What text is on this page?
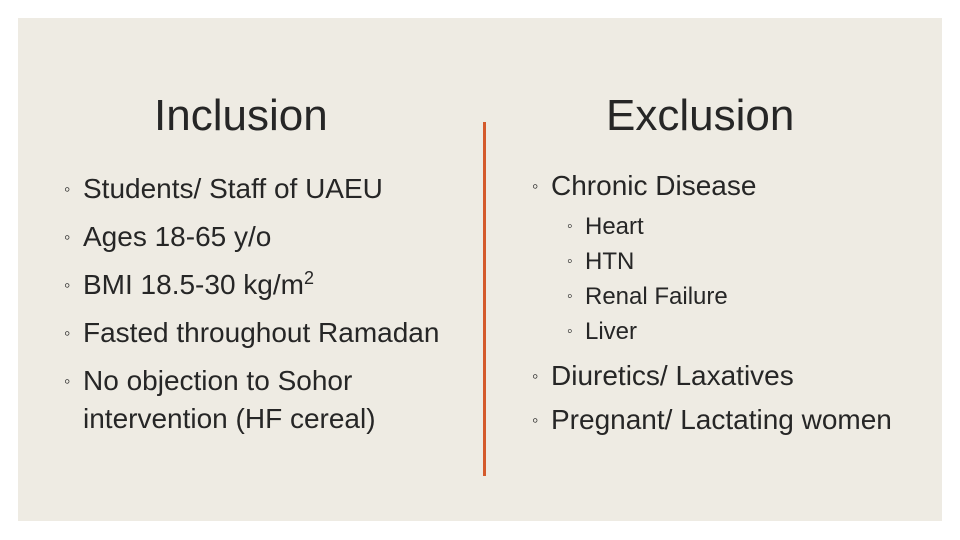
Inclusion	Exclusion
◦ Students/ Staff of UAEU
◦ Ages 18-65 y/o
◦ BMI 18.5-30 $kg/m^2$
◦ Fasted throughout Ramadan
◦ No objection to Sohor intervention (HF cereal)
◦ Chronic Disease
◦ Heart
◦ HTN
◦ Renal Failure
◦ Liver
◦ Diuretics/ Laxatives
◦ Pregnant/ Lactating women
